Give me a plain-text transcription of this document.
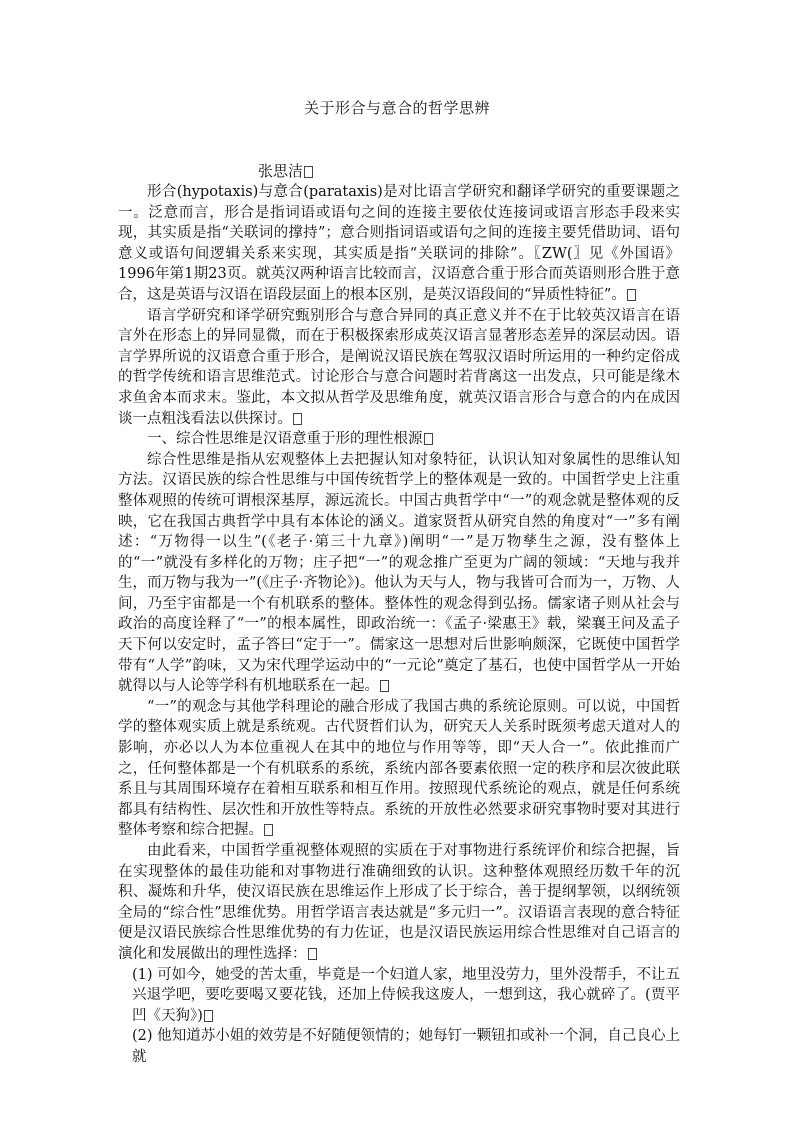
关于形合与意合的哲学思辨
张思洁

形合(hypotaxis)与意合(parataxis)是对比语言学研究和翻译学研究的重要课题之一。泛意而言，形合是指词语或语句之间的连接主要依仗连接词或语言形态手段来实现，其实质是指“关联词的撑持”；意合则指词语或语句之间的连接主要凭借助词、语句意义或语句间逻辑关系来实现，其实质是指“关联词的排除”。〖ZW(〗见《外国语》1996年第1期23页。就英汉两种语言比较而言，汉语意合重于形合而英语则形合胜于意合，这是英语与汉语在语段层面上的根本区别，是英汉语段间的“异质性特征”。

语言学研究和译学研究甄别形合与意合异同的真正意义并不在于比较英汉语言在语言外在形态上的异同显微，而在于积极探索形成英汉语言显著形态差异的深层动因。语言学界所说的汉语意合重于形合，是阐说汉语民族在驾驭汉语时所运用的一种约定俗成的哲学传统和语言思维范式。讨论形合与意合问题时若背离这一出发点，只可能是缘木求鱼舍本而求末。鉴此，本文拟从哲学及思维角度，就英汉语言形合与意合的内在成因谈一点粗浅看法以供探讨。

一、综合性思维是汉语意重于形的理性根源

综合性思维是指从宏观整体上去把握认知对象特征，认识认知对象属性的思维认知方法。汉语民族的综合性思维与中国传统哲学上的整体观是一致的。中国哲学史上注重整体观照的传统可谓根深基厚，源远流长。中国古典哲学中“一”的观念就是整体观的反映，它在我国古典哲学中具有本体论的涵义。道家贤哲从研究自然的角度对“一”多有阐述：“万物得一以生”(《老子·第三十九章》)阐明“一”是万物孳生之源，没有整体上的“一”就没有多样化的万物；庄子把“一”的观念推广至更为广阔的领域：“天地与我并生，而万物与我为一”(《庄子·齐物论》)。他认为天与人，物与我皆可合而为一，万物、人间，乃至宇宙都是一个有机联系的整体。整体性的观念得到弘扬。儒家诸子则从社会与政治的高度诠释了“一”的根本属性，即政治统一：《孟子·梁惠王》载，梁襄王问及孟子天下何以安定时，孟子答曰“定于一”。儒家这一思想对后世影响颇深，它既使中国哲学带有“人学”韵味，又为宋代理学运动中的“一元论”奠定了基石，也使中国哲学从一开始就得以与人论等学科有机地联系在一起。

“一”的观念与其他学科理论的融合形成了我国古典的系统论原则。可以说，中国哲学的整体观实质上就是系统观。古代贤哲们认为，研究天人关系时既须考虑天道对人的影响，亦必以人为本位重视人在其中的地位与作用等等，即“天人合一”。依此推而广之，任何整体都是一个有机联系的系统，系统内部各要素依照一定的秩序和层次彼此联系且与其周围环境存在着相互联系和相互作用。按照现代系统论的观点，就是任何系统都具有结构性、层次性和开放性等特点。系统的开放性必然要求研究事物时要对其进行整体考察和综合把握。

由此看来，中国哲学重视整体观照的实质在于对事物进行系统评价和综合把握，旨在实现整体的最佳功能和对事物进行准确细致的认识。这种整体观照经历数千年的沉积、凝炼和升华，使汉语民族在思维运作上形成了长于综合，善于提纲挈领，以纲统领全局的“综合性”思维优势。用哲学语言表达就是“多元归一”。汉语语言表现的意合特征便是汉语民族综合性思维优势的有力佐证，也是汉语民族运用综合性思维对自己语言的演化和发展做出的理性选择：

(1) 可如今，她受的苦太重，毕竟是一个妇道人家，地里没劳力，里外没帮手，不让五兴退学吧，要吃要喝又要花钱，还加上侍候我这废人，一想到这，我心就碎了。(贾平凹《天狗》)

(2) 他知道苏小姐的效劳是不好随便领情的；她每钉一颗钮扣或补一个洞，自己良心上就
